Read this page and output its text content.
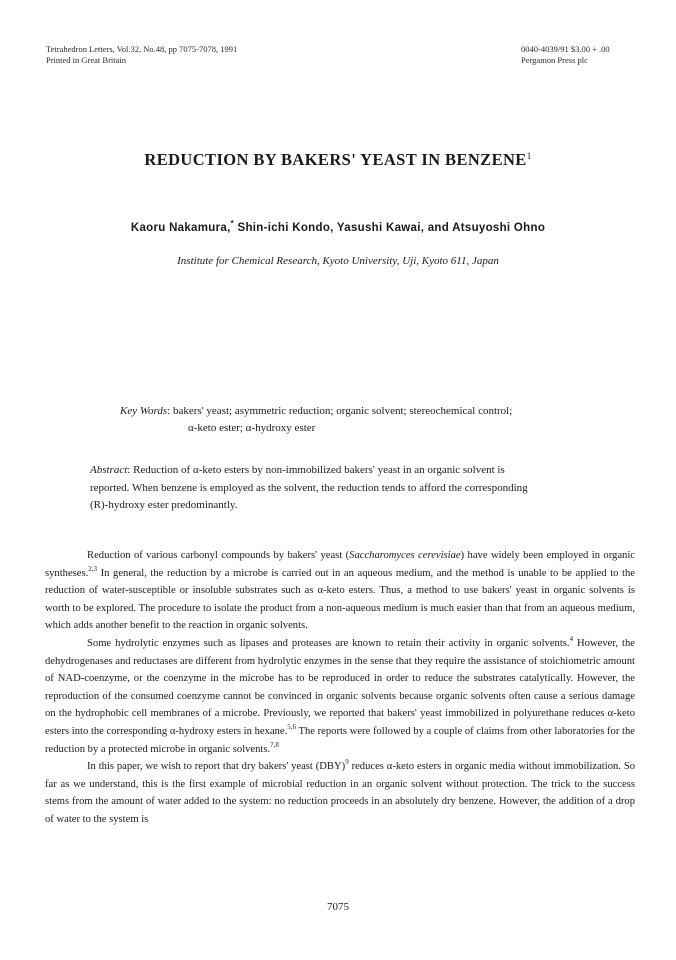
Tetrahedron Letters, Vol.32, No.48, pp 7075-7078, 1991
Printed in Great Britain
0040-4039/91 $3.00 + .00
Pergamon Press plc
REDUCTION BY BAKERS' YEAST IN BENZENE$^1$
Kaoru Nakamura,* Shin-ichi Kondo, Yasushi Kawai, and Atsuyoshi Ohno
Institute for Chemical Research, Kyoto University, Uji, Kyoto 611, Japan
Key Words: bakers' yeast; asymmetric reduction; organic solvent; stereochemical control;
α-keto ester; α-hydroxy ester
Abstract: Reduction of α-keto esters by non-immobilized bakers' yeast in an organic solvent is
reported. When benzene is employed as the solvent, the reduction tends to afford the corresponding
(R)-hydroxy ester predominantly.

Reduction of various carbonyl compounds by bakers' yeast (Saccharomyces cerevisiae) have widely been employed in organic syntheses.$^{2,3}$ In general, the reduction by a microbe is carried out in an aqueous medium, and the method is unable to be applied to the reduction of water-susceptible or insoluble substrates such as α-keto esters. Thus, a method to use bakers' yeast in organic solvents is worth to be explored. The procedure to isolate the product from a non-aqueous medium is much easier than that from an aqueous medium, which adds another benefit to the reaction in organic solvents.

Some hydrolytic enzymes such as lipases and proteases are known to retain their activity in organic solvents.$^4$ However, the dehydrogenases and reductases are different from hydrolytic enzymes in the sense that they require the assistance of stoichiometric amount of NAD-coenzyme, or the coenzyme in the microbe has to be reproduced in order to reduce the substrates catalytically. However, the reproduction of the consumed coenzyme cannot be convinced in organic solvents because organic solvents often cause a serious damage on the hydrophobic cell membranes of a microbe. Previously, we reported that bakers' yeast immobilized in polyurethane reduces α-keto esters into the corresponding α-hydroxy esters in hexane.$^{5,6}$ The reports were followed by a couple of claims from other laboratories for the reduction by a protected microbe in organic solvents.$^{7,8}$

In this paper, we wish to report that dry bakers' yeast (DBY)$^9$ reduces α-keto esters in organic media without immobilization. So far as we understand, this is the first example of microbial reduction in an organic solvent without protection. The trick to the success stems from the amount of water added to the system: no reduction proceeds in an absolutely dry benzene. However, the addition of a drop of water to the system is

7075
